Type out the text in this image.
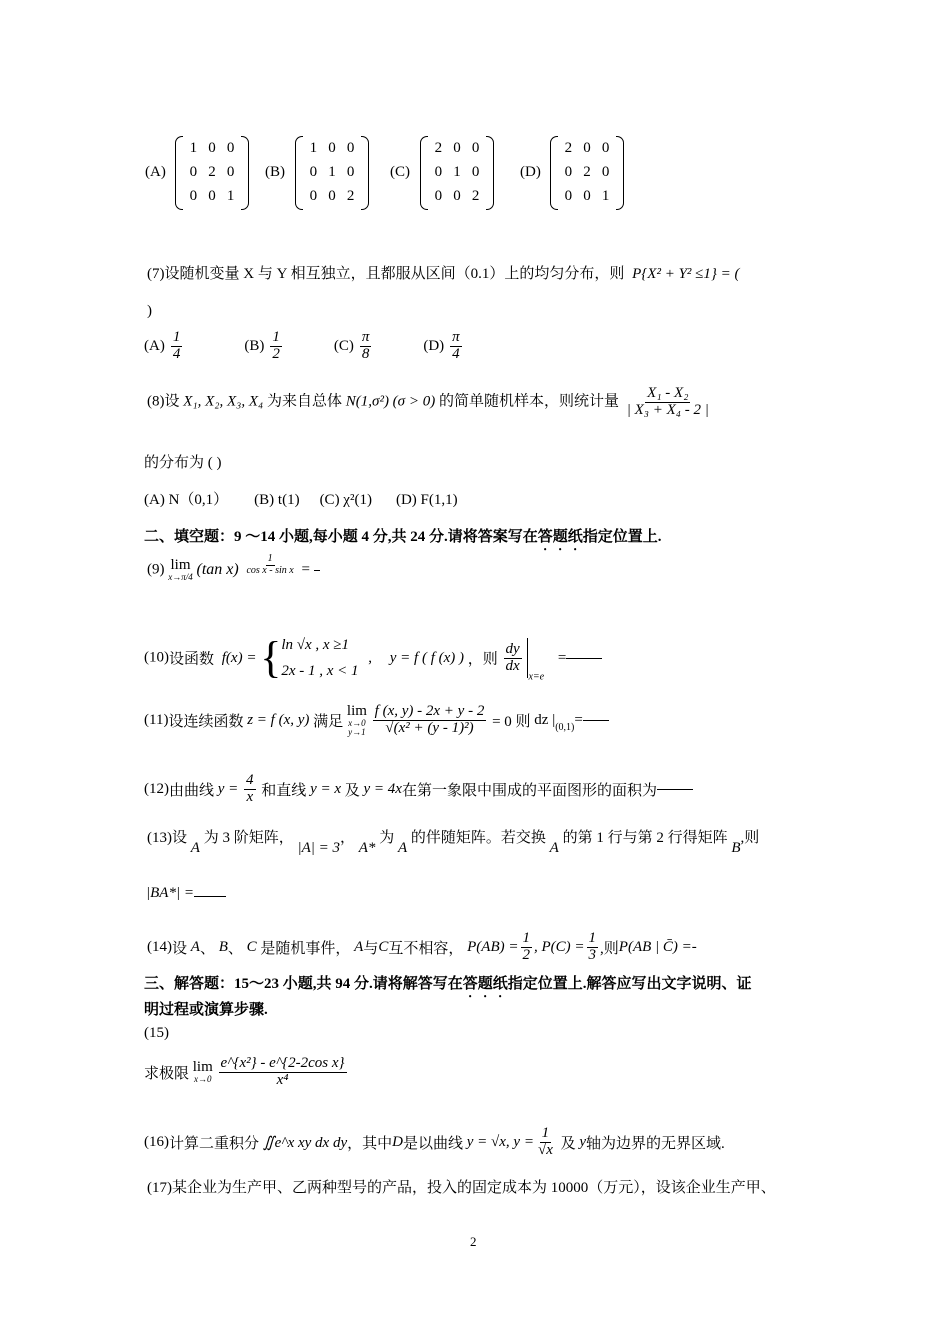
(A)
1 0 0
0 2 0
0 0 1
(B)
1 0 0
0 1 0
0 0 2
(C)
2 0 0
0 1 0
0 0 2
(D)
2 0 0
0 2 0
0 0 1
(7)设随机变量 X 与 Y 相互独立，且都服从区间（0.1）上的均匀分布，则 P{X² + Y² ≤1} = (
)
$(A) \frac{1}{4}$	$(B) \frac{1}{2}$	$(C) \frac{\pi}{8}$	$(D) \frac{\pi}{4}$
(8)设 X₁, X₂, X₃, X₄ 为来自总体 N(1,σ²) (σ > 0) 的简单随机样本，则统计量 $\frac{\text{X₁ - X₂}}{\text{| X₃ + X₄ - 2 |}}$
的分布为 ( )
(A) N（0,1） (B) t(1) (C) χ²(1) (D) F(1,1)
二、填空题：9 ～14 小题,每小题 4 分,共 24 分.请将答案写在答题纸指定位置上.
(9) lim
x→π/4 (tan $x) \frac{1}{\text{cos x - sin x}}$ =
(10)设函数 f(x) = { ln √x , x ≥1
2x - 1 , x < 1
, y = f ( f (x) ) ，则 $\frac{dy}{dx}$
$_{x=e}$ =
(11)设连续函数 z = f (x, y) 满足
lim
x→0
y→1
$\frac{f (x, y) - 2x + y - 2}{\text{√(x² + (y - 1)²)}} = 0$ 则 dz $|_{(0,1)}=$
(12)由曲线 $y = \frac{4}{x}$ 和直线 y = x 及 y = 4x在第一象限中围成的平面图形的面积为
(13)设 A 为 3 阶矩阵， |A| = 3， A* 为 A 的伴随矩阵。若交换 A 的第 1 行与第 2 行得矩阵 B,则
|BA*| =
(14)设 A、 B、 C 是随机事件， A与C互不相容， $P(AB) = \frac{1}{2}$ , $P(C) = \frac{1}{3}$ ,则P(AB | C̄) =-
三、解答题：15～23 小题,共 94 分.请将解答写在答题纸指定位置上.解答应写出文字说明、证
明过程或演算步骤.
(15)
求极限 lim
x→0
$\frac{\text{e\textasciicircum{}\{x²\} - e\textasciicircum{}\{2-2cos x\}}}{\text{x⁴}}$
(16)计算二重积分 ∬e^x xy dx dy，其中D是以曲线 y = √x, $y = \frac{1}{√x}$ 及 y轴为边界的无界区域.
(17)某企业为生产甲、乙两种型号的产品，投入的固定成本为 10000（万元），设该企业生产甲、
2
